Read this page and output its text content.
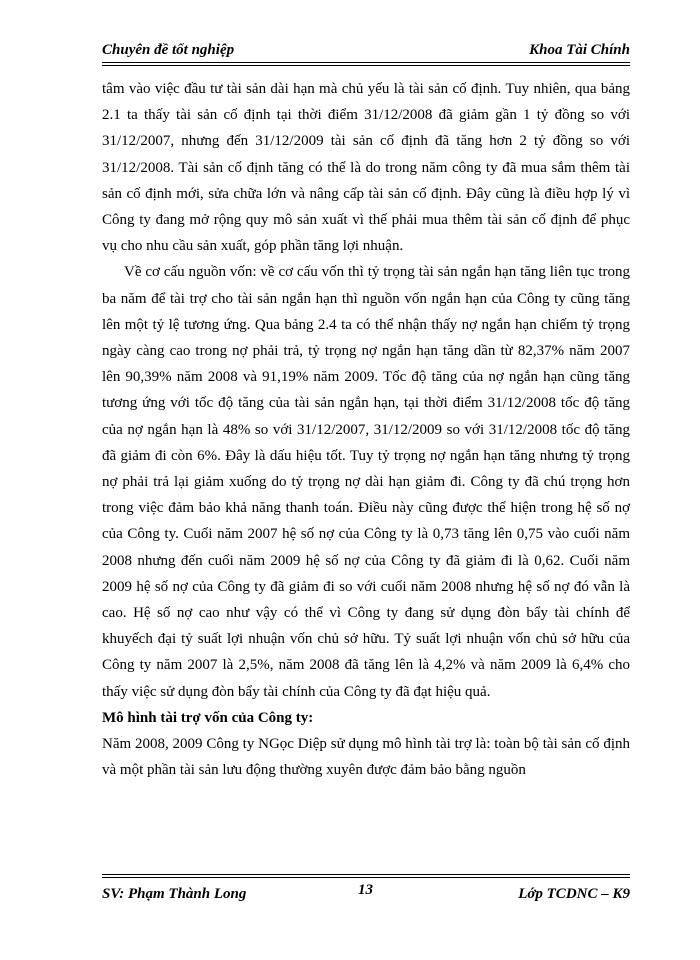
Chuyên đề tốt nghiệp	Khoa Tài Chính

tâm vào việc đầu tư tài sản dài hạn mà chủ yếu là tài sản cố định. Tuy nhiên, qua bảng 2.1 ta thấy tài sản cố định tại thời điểm 31/12/2008 đã giảm gần 1 tỷ đồng so với 31/12/2007, nhưng đến 31/12/2009 tài sản cố định đã tăng hơn 2 tỷ đồng so với 31/12/2008. Tài sản cố định tăng có thể là do trong năm công ty đã mua sắm thêm tài sản cố định mới, sửa chữa lớn và nâng cấp tài sản cố định. Đây cũng là điều hợp lý vì Công ty đang mở rộng quy mô sản xuất vì thế phải mua thêm tài sản cố định để phục vụ cho nhu cầu sản xuất, góp phần tăng lợi nhuận.

Về cơ cấu nguồn vốn: về cơ cấu vốn thì tỷ trọng tài sản ngắn hạn tăng liên tục trong ba năm để tài trợ cho tài sản ngắn hạn thì nguồn vốn ngắn hạn của Công ty cũng tăng lên một tỷ lệ tương ứng. Qua bảng 2.4 ta có thể nhận thấy nợ ngắn hạn chiếm tỷ trọng ngày càng cao trong nợ phải trả, tỷ trọng nợ ngắn hạn tăng dần từ 82,37% năm 2007 lên 90,39% năm 2008 và 91,19% năm 2009. Tốc độ tăng của nợ ngắn hạn cũng tăng tương ứng với tốc độ tăng của tài sản ngắn hạn, tại thời điểm 31/12/2008 tốc độ tăng của nợ ngắn hạn là 48% so với 31/12/2007, 31/12/2009 so với 31/12/2008 tốc độ tăng đã giảm đi còn 6%. Đây là dấu hiệu tốt. Tuy tỷ trọng nợ ngắn hạn tăng nhưng tỷ trọng nợ phải trả lại giảm xuống do tỷ trọng nợ dài hạn giảm đi. Công ty đã chú trọng hơn trong việc đảm bảo khả năng thanh toán. Điều này cũng được thể hiện trong hệ số nợ của Công ty. Cuối năm 2007 hệ số nợ của Công ty là 0,73 tăng lên 0,75 vào cuối năm 2008 nhưng đến cuối năm 2009 hệ số nợ của Công ty đã giảm đi là 0,62. Cuối năm 2009 hệ số nợ của Công ty đã giảm đi so với cuối năm 2008 nhưng hệ số nợ đó vẫn là cao. Hệ số nợ cao như vậy có thể vì Công ty đang sử dụng đòn bẩy tài chính để khuyếch đại tỷ suất lợi nhuận vốn chủ sở hữu. Tỷ suất lợi nhuận vốn chủ sở hữu của Công ty năm 2007 là 2,5%, năm 2008 đã tăng lên là 4,2% và năm 2009 là 6,4% cho thấy việc sử dụng đòn bẩy tài chính của Công ty đã đạt hiệu quả.

Mô hình tài trợ vốn của Công ty:

Năm 2008, 2009 Công ty NGọc Diệp sử dụng mô hình tài trợ là: toàn bộ tài sản cố định và một phần tài sản lưu động thường xuyên được đảm bảo bằng nguồn

SV: Phạm Thành Long	13	Lớp TCDNC – K9
